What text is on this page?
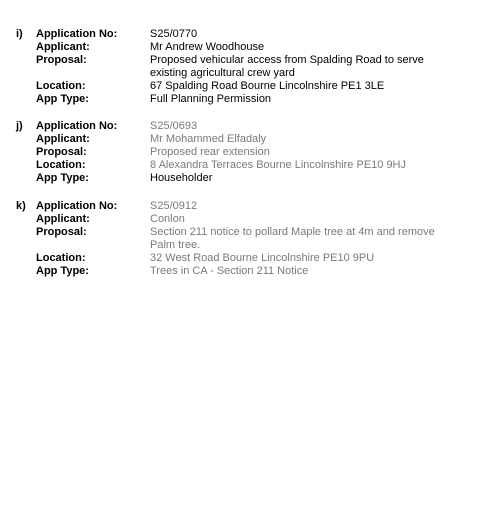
i) Application No:	S25/0770
Applicant:	Mr Andrew Woodhouse
Proposal:	Proposed vehicular access from Spalding Road to serve existing agricultural crew yard
Location:	67 Spalding Road Bourne Lincolnshire PE1 3LE
App Type:	Full Planning Permission
j) Application No:	S25/0693
Applicant:	Mr Mohammed Elfadaly
Proposal:	Proposed rear extension
Location:	8 Alexandra Terraces Bourne Lincolnshire PE10 9HJ
App Type:	Householder
k) Application No:	S25/0912
Applicant:	Conlon
Proposal:	Section 211 notice to pollard Maple tree at 4m and remove Palm tree.
Location:	32 West Road Bourne Lincolnshire PE10 9PU
App Type:	Trees in CA - Section 211 Notice
